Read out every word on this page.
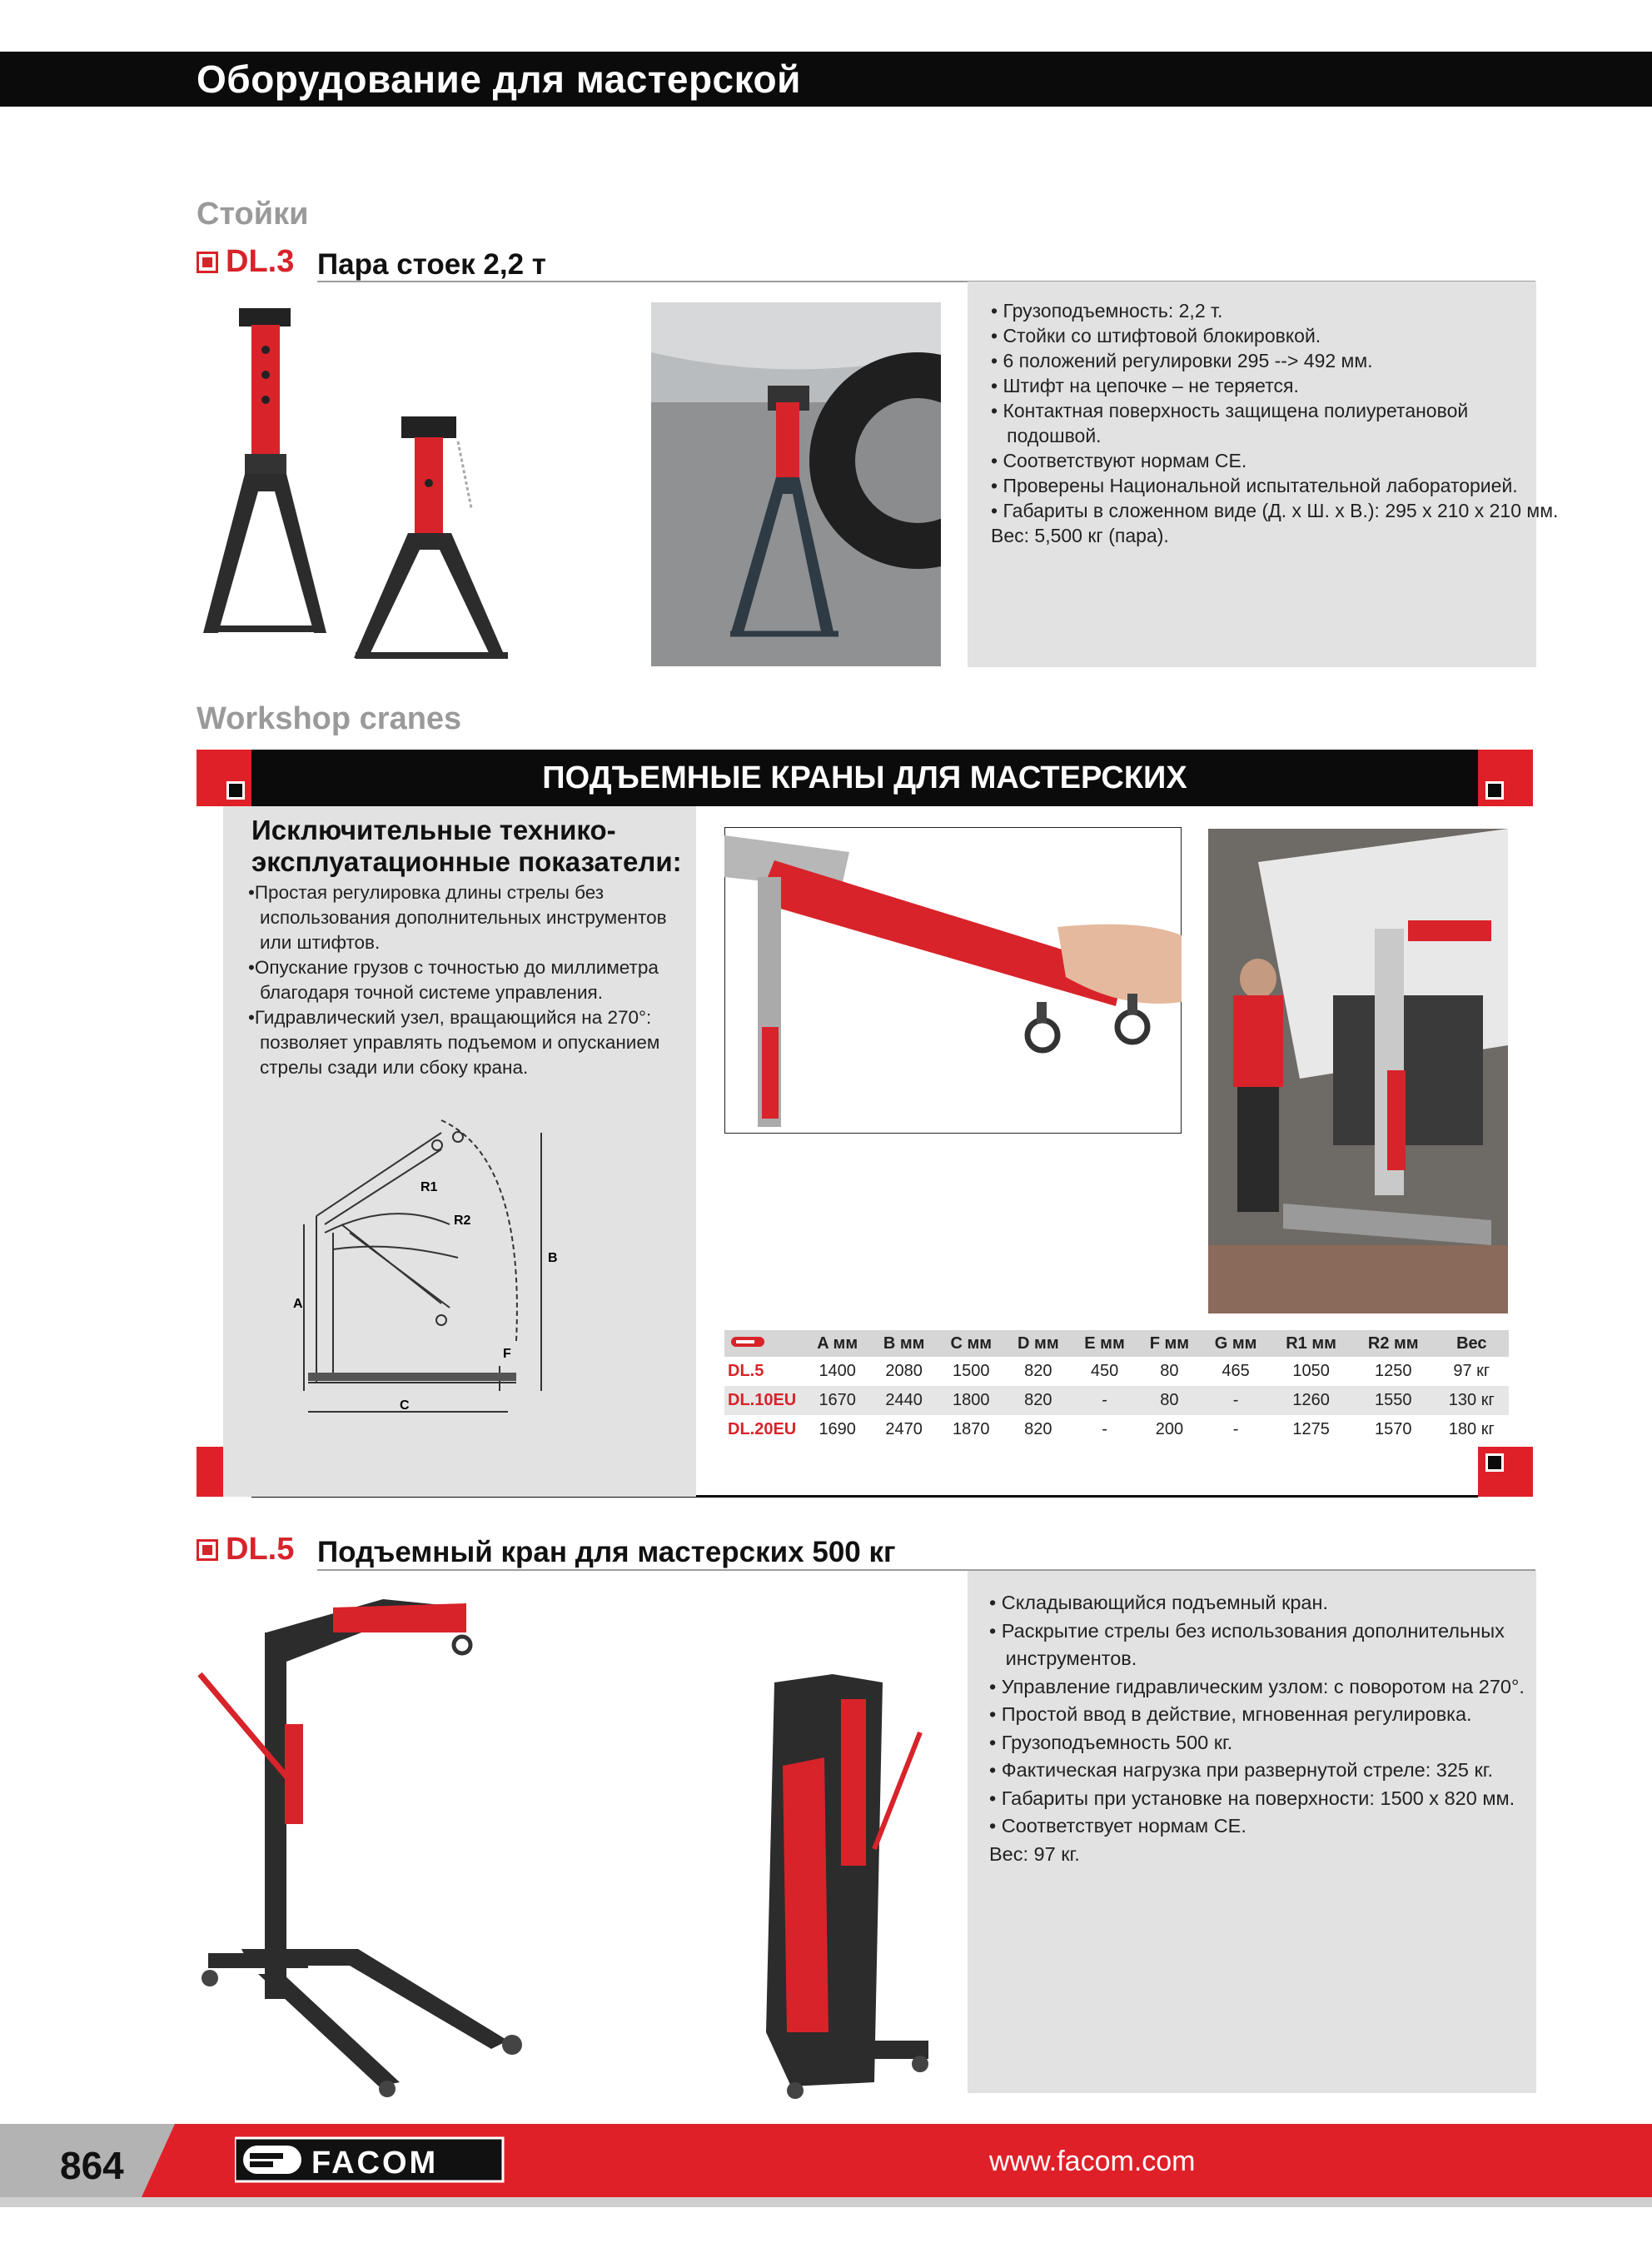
Оборудование для мастерской
Стойки
DL.3 Пара стоек 2,2 т
• Грузоподъемность: 2,2 т.
• Стойки со штифтовой блокировкой.
• 6 положений регулировки 295 --> 492 мм.
• Штифт на цепочке – не теряется.
• Контактная поверхность защищена полиуретановой
подошвой.
• Соответствуют нормам CE.
• Проверены Национальной испытательной лабораторией.
• Габариты в сложенном виде (Д. x Ш. x В.): 295 x 210 x 210 мм.
Вес: 5,500 кг (пара).
Workshop cranes
ПОДЪЕМНЫЕ КРАНЫ ДЛЯ МАСТЕРСКИХ
Исключительные технико-эксплуатационные показатели:
•Простая регулировка длины стрелы без использования дополнительных инструментов или штифтов.
•Опускание грузов с точностью до миллиметра благодаря точной системе управления.
•Гидравлический узел, вращающийся на 270°: позволяет управлять подъемом и опусканием стрелы сзади или сбоку крана.
A
B
C
F
R1
R2
	A мм	B мм	C мм	D мм	E мм	F мм	G мм	R1 мм	R2 мм	Вес
DL.5	1400	2080	1500	820	450	80	465	1050	1250	97 кг
DL.10EU	1670	2440	1800	820	-	80	-	1260	1550	130 кг
DL.20EU	1690	2470	1870	820	-	200	-	1275	1570	180 кг
DL.5 Подъемный кран для мастерских 500 кг
• Складывающийся подъемный кран.
• Раскрытие стрелы без использования дополнительных
инструментов.
• Управление гидравлическим узлом: с поворотом на 270°.
• Простой ввод в действие, мгновенная регулировка.
• Грузоподъемность 500 кг.
• Фактическая нагрузка при развернутой стреле: 325 кг.
• Габариты при установке на поверхности: 1500 x 820 мм.
• Соответствует нормам CE.
Вес: 97 кг.
864	FACOM	www.facom.com
